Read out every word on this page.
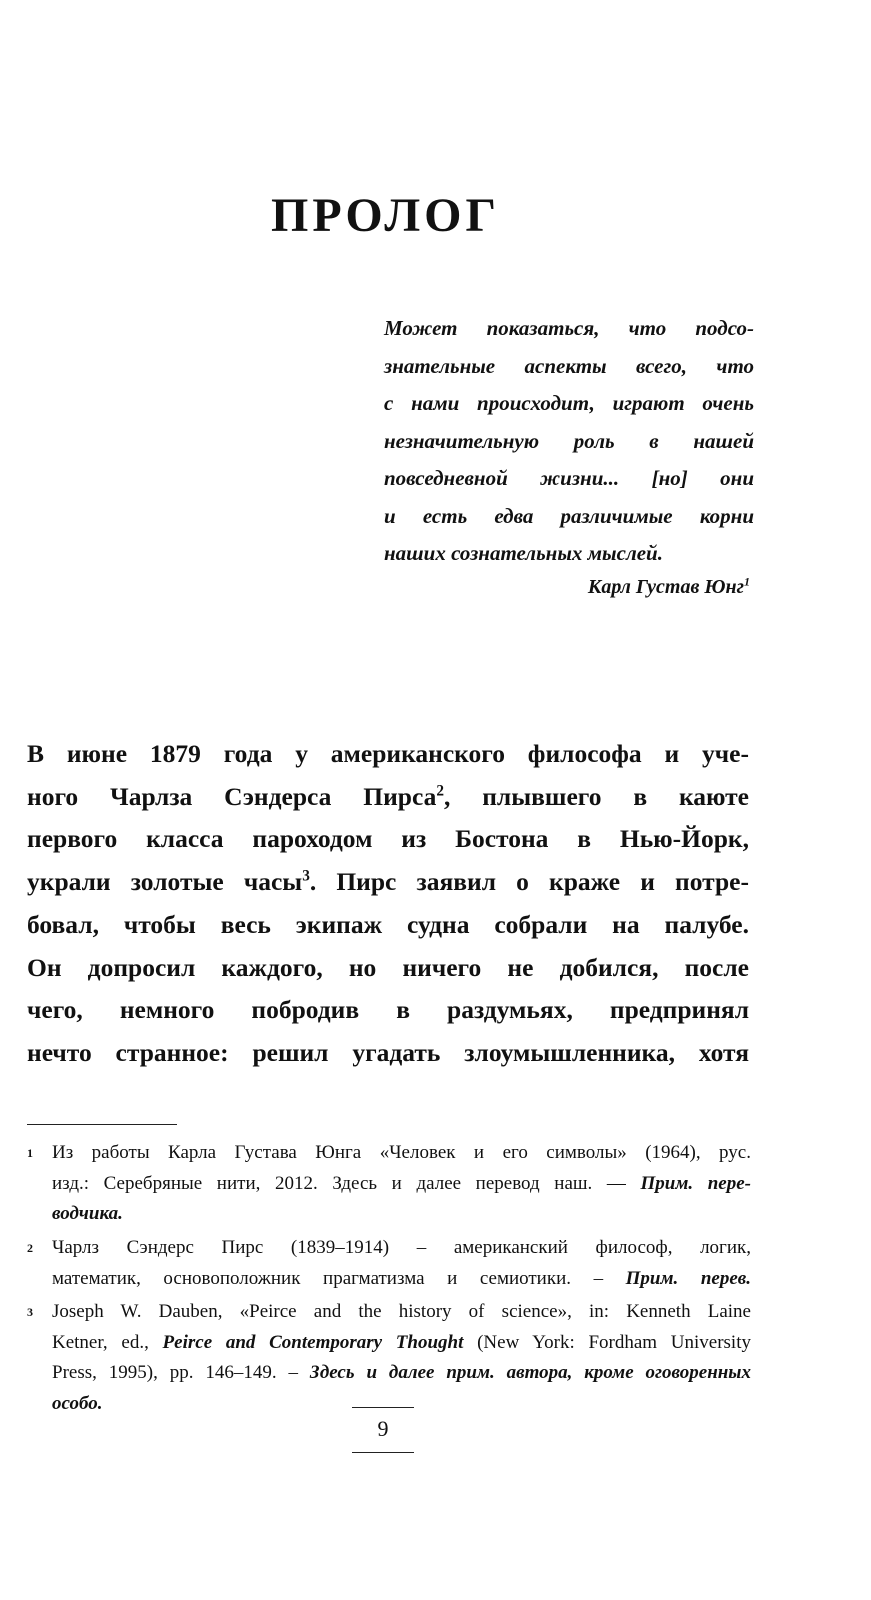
ПРОЛОГ
Может показаться, что подсо-
знательные аспекты всего, что
с нами происходит, играют очень
незначительную роль в нашей
повседневной жизни... [но] они
и есть едва различимые корни
наших сознательных мыслей.
Карл Густав Юнг$^1$
В июне 1879 года у американского философа и уче-
ного Чарлза Сэндерса Пирса$^2$, плывшего в каюте
первого класса пароходом из Бостона в Нью-Йорк,
украли золотые часы$^3$. Пирс заявил о краже и потре-
бовал, чтобы весь экипаж судна собрали на палубе.
Он допросил каждого, но ничего не добился, после
чего, немного побродив в раздумьях, предпринял
нечто странное: решил угадать злоумышленника, хотя
1 Из работы Карла Густава Юнга «Человек и его символы» (1964), рус.
изд.: Серебряные нити, 2012. Здесь и далее перевод наш. — Прим. пере-
водчика.
2 Чарлз Сэндерс Пирс (1839–1914) – американский философ, логик,
математик, основоположник прагматизма и семиотики. – Прим. перев.
3 Joseph W. Dauben, «Peirce and the history of science», in: Kenneth Laine
Ketner, ed., Peirce and Contemporary Thought (New York: Fordham University
Press, 1995), pp. 146–149. – Здесь и далее прим. автора, кроме оговоренных
особо.
9
